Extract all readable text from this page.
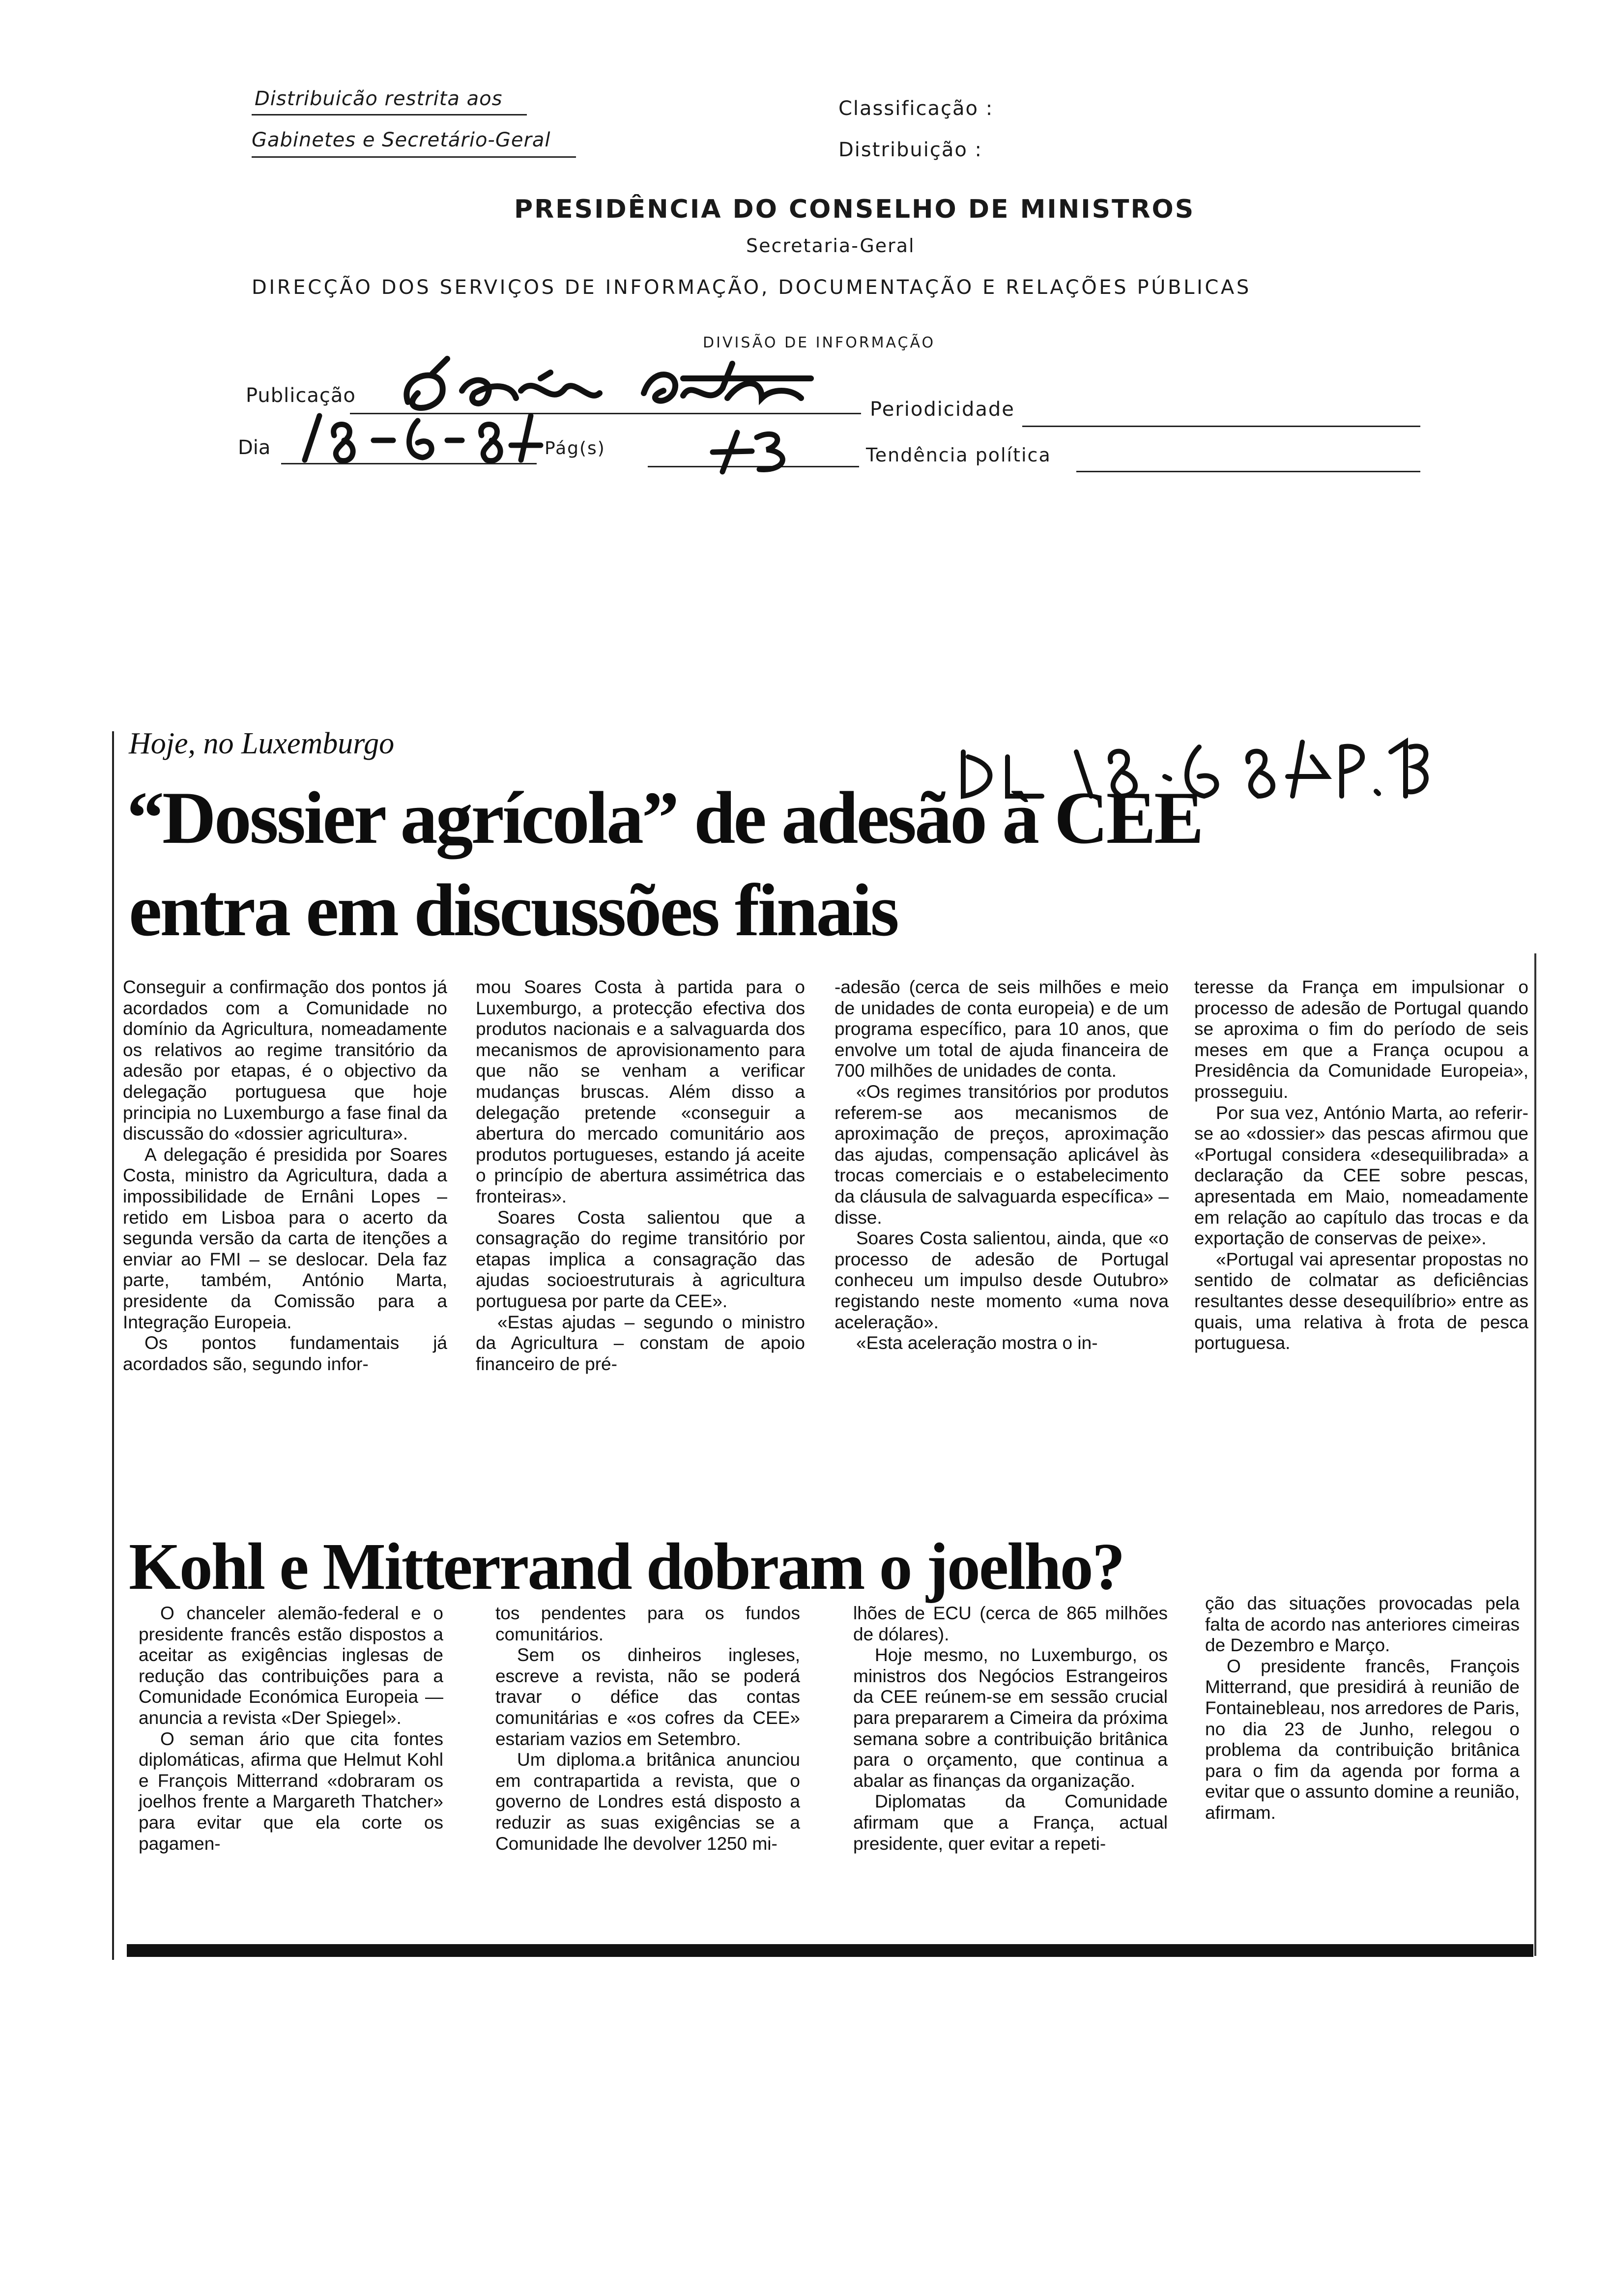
Distribuicão restrita aos
Gabinetes e Secretário-Geral
Classificação :
Distribuição :
PRESIDÊNCIA DO CONSELHO DE MINISTROS
Secretaria-Geral
DIRECÇÃO DOS SERVIÇOS DE INFORMAÇÃO, DOCUMENTAÇÃO E RELAÇÕES PÚBLICAS
DIVISÃO DE INFORMAÇÃO
Publicação
Periodicidade
Dia	Pág(s)	Tendência política
Hoje, no Luxemburgo
“Dossier agrícola” de adesão à CEE
entra em discussões finais

Conseguir a confirmação dos pontos já acordados com a Comunidade no domínio da Agricultura, nomeadamente os relativos ao regime transitório da adesão por etapas, é o objectivo da delegação portuguesa que hoje principia no Luxemburgo a fase final da discussão do «dossier agricultura».

A delegação é presidida por Soares Costa, ministro da Agricultura, dada a impossibilidade de Ernâni Lopes – retido em Lisboa para o acerto da segunda versão da carta de itenções a enviar ao FMI – se deslocar. Dela faz parte, também, António Marta, presidente da Comissão para a Integração Europeia.

Os pontos fundamentais já acordados são, segundo infor-

mou Soares Costa à partida para o Luxemburgo, a protecção efectiva dos produtos nacionais e a salvaguarda dos mecanismos de aprovisionamento para que não se venham a verificar mudanças bruscas. Além disso a delegação pretende «conseguir a abertura do mercado comunitário aos produtos portugueses, estando já aceite o princípio de abertura assimétrica das fronteiras».

Soares Costa salientou que a consagração do regime transitório por etapas implica a consagração das ajudas socioestruturais à agricultura portuguesa por parte da CEE».

«Estas ajudas – segundo o ministro da Agricultura – constam de apoio financeiro de pré-

-adesão (cerca de seis milhões e meio de unidades de conta europeia) e de um programa específico, para 10 anos, que envolve um total de ajuda financeira de 700 milhões de unidades de conta.

«Os regimes transitórios por produtos referem-se aos mecanismos de aproximação de preços, aproximação das ajudas, compensação aplicável às trocas comerciais e o estabelecimento da cláusula de salvaguarda específica» – disse.

Soares Costa salientou, ainda, que «o processo de adesão de Portugal conheceu um impulso desde Outubro» registando neste momento «uma nova aceleração».

«Esta aceleração mostra o in-

teresse da França em impulsionar o processo de adesão de Portugal quando se aproxima o fim do período de seis meses em que a França ocupou a Presidência da Comunidade Europeia», prosseguiu.

Por sua vez, António Marta, ao referir-se ao «dossier» das pescas afirmou que «Portugal considera «desequilibrada» a declaração da CEE sobre pescas, apresentada em Maio, nomeadamente em relação ao capítulo das trocas e da exportação de conservas de peixe».

«Portugal vai apresentar propostas no sentido de colmatar as deficiências resultantes desse desequilíbrio» entre as quais, uma relativa à frota de pesca portuguesa.

Kohl e Mitterrand dobram o joelho?

O chanceler alemão-federal e o presidente francês estão dispostos a aceitar as exigências inglesas de redução das contribuições para a Comunidade Económica Europeia — anuncia a revista «Der Spiegel».

O seman ário que cita fontes diplomáticas, afirma que Helmut Kohl e François Mitterrand «dobraram os joelhos frente a Margareth Thatcher» para evitar que ela corte os pagamen-

tos pendentes para os fundos comunitários.

Sem os dinheiros ingleses, escreve a revista, não se poderá travar o défice das contas comunitárias e «os cofres da CEE» estariam vazios em Setembro.

Um diploma.a britânica anunciou em contrapartida a revista, que o governo de Londres está disposto a reduzir as suas exigências se a Comunidade lhe devolver 1250 mi-

lhões de ECU (cerca de 865 milhões de dólares).

Hoje mesmo, no Luxemburgo, os ministros dos Negócios Estrangeiros da CEE reúnem-se em sessão crucial para prepararem a Cimeira da próxima semana sobre a contribuição britânica para o orçamento, que continua a abalar as finanças da organização.

Diplomatas da Comunidade afirmam que a França, actual presidente, quer evitar a repeti-

ção das situações provocadas pela falta de acordo nas anteriores cimeiras de Dezembro e Março.

O presidente francês, François Mitterrand, que presidirá à reunião de Fontainebleau, nos arredores de Paris, no dia 23 de Junho, relegou o problema da contribuição britânica para o fim da agenda por forma a evitar que o assunto domine a reunião, afirmam.
